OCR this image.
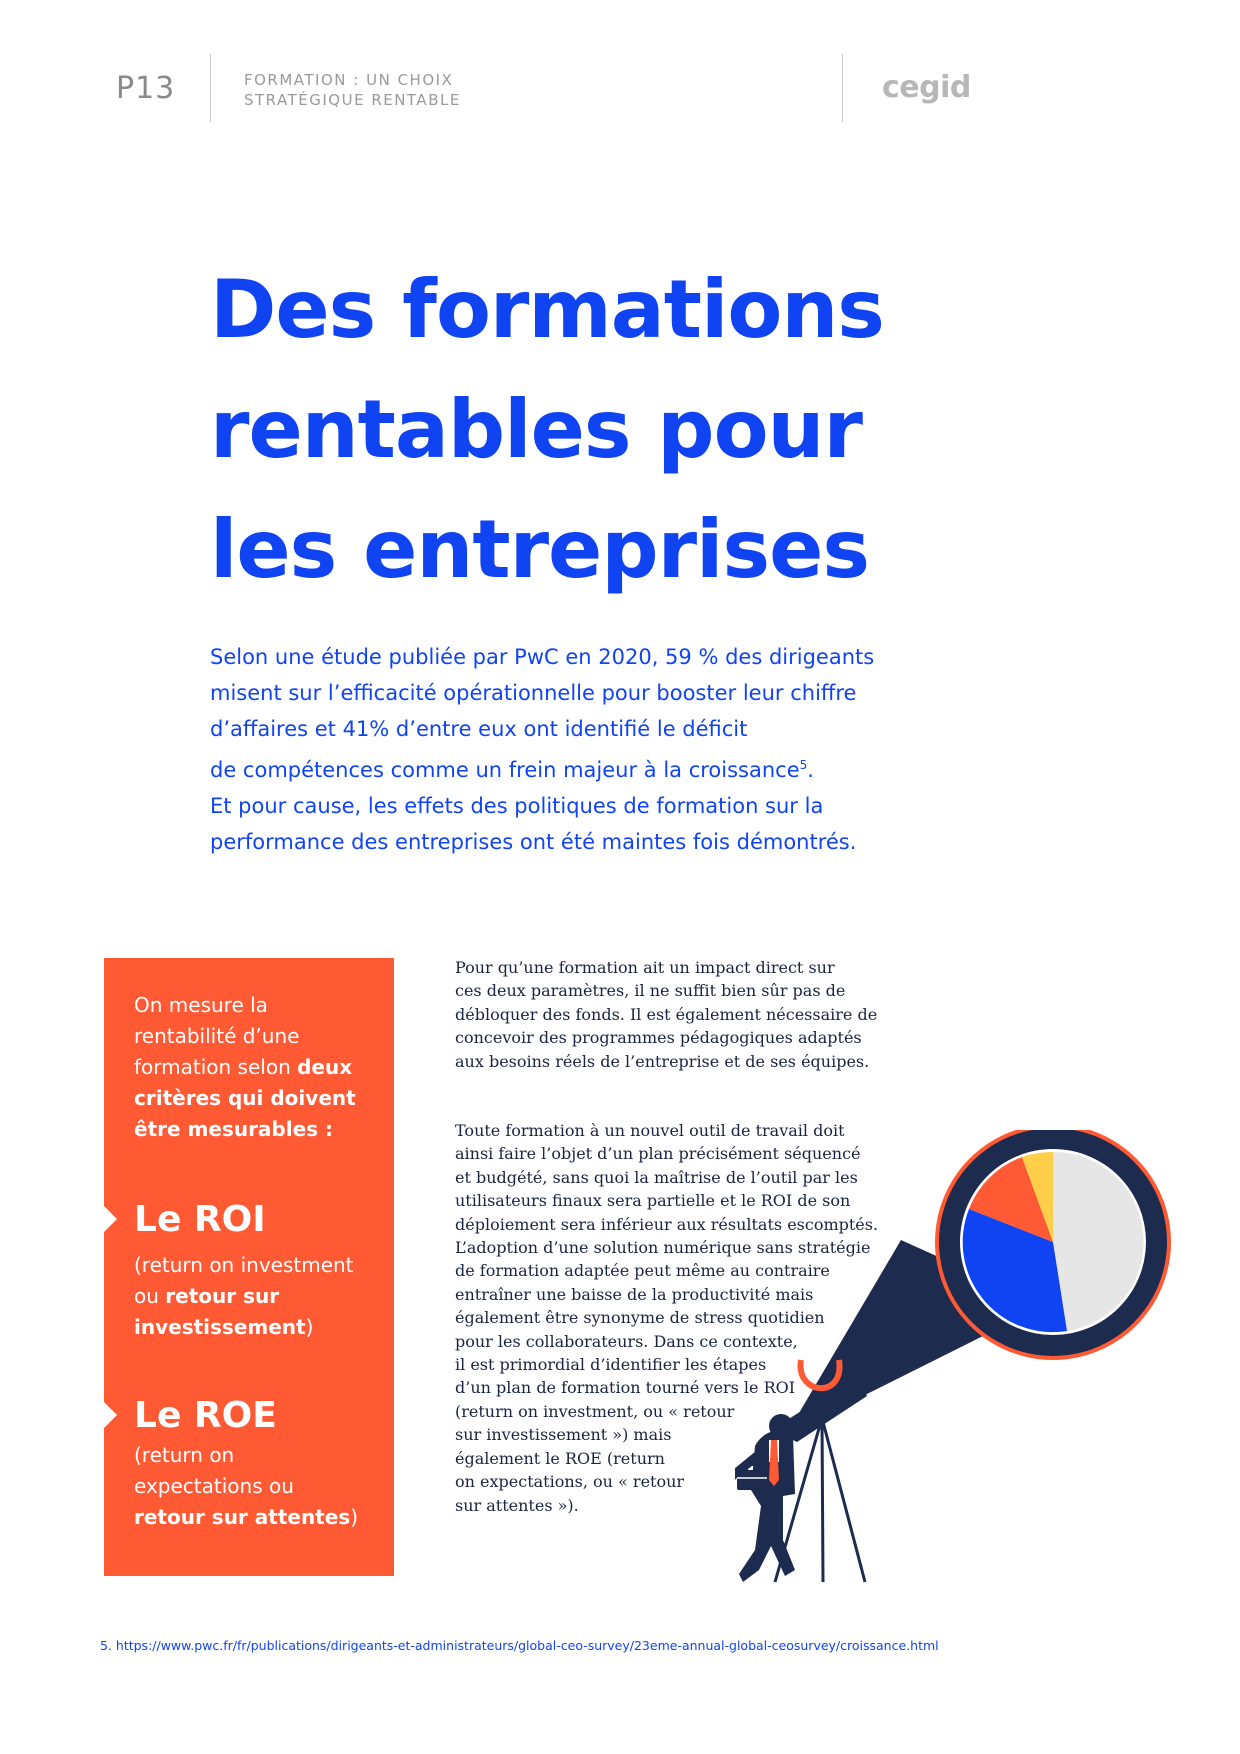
P13	FORMATION : UN CHOIX
STRATÉGIQUE RENTABLE	cegid
Des formations
rentables pour
les entreprises
Selon une étude publiée par PwC en 2020, 59 % des dirigeants
misent sur l’efficacité opérationnelle pour booster leur chiffre
d’affaires et 41% d’entre eux ont identifié le déficit
de compétences comme un frein majeur à la croissance$^5$.
Et pour cause, les effets des politiques de formation sur la
performance des entreprises ont été maintes fois démontrés.
On mesure la
rentabilité d’une
formation selon deux
critères qui doivent
être mesurables :
Le ROI
(return on investment
ou retour sur
investissement)
Le ROE
(return on
expectations ou
retour sur attentes)
Pour qu’une formation ait un impact direct sur
ces deux paramètres, il ne suffit bien sûr pas de
débloquer des fonds. Il est également nécessaire de
concevoir des programmes pédagogiques adaptés
aux besoins réels de l’entreprise et de ses équipes.
Toute formation à un nouvel outil de travail doit
ainsi faire l’objet d’un plan précisément séquencé
et budgété, sans quoi la maîtrise de l’outil par les
utilisateurs finaux sera partielle et le ROI de son
déploiement sera inférieur aux résultats escomptés.
L’adoption d’une solution numérique sans stratégie
de formation adaptée peut même au contraire
entraîner une baisse de la productivité mais
également être synonyme de stress quotidien
pour les collaborateurs. Dans ce contexte,
il est primordial d’identifier les étapes
d’un plan de formation tourné vers le ROI
(return on investment, ou « retour
sur investissement ») mais
également le ROE (return
on expectations, ou « retour
sur attentes »).
5. https://www.pwc.fr/fr/publications/dirigeants-et-administrateurs/global-ceo-survey/23eme-annual-global-ceosurvey/croissance.html
